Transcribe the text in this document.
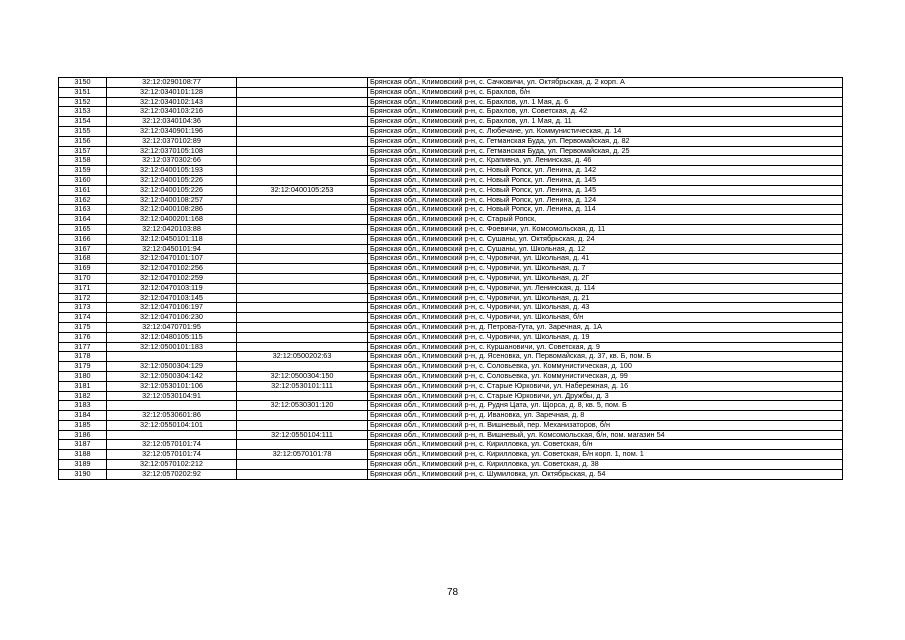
3150	32:12:0290108:77		Брянская обл., Климовский р-н, с. Сачковичи, ул. Октябрьская, д. 2 корп. А
3151	32:12:0340101:128		Брянская обл., Климовский р-н, с. Брахлов, б/н
3152	32:12:0340102:143		Брянская обл., Климовский р-н, с. Брахлов, ул. 1 Мая, д. 6
3153	32:12:0340103:216		Брянская обл., Климовский р-н, с. Брахлов, ул. Советская, д. 42
3154	32:12:0340104:36		Брянская обл., Климовский р-н, с. Брахлов, ул. 1 Мая, д. 11
3155	32:12:0340901:196		Брянская обл., Климовский р-н, с. Любечане, ул. Коммунистическая, д. 14
3156	32:12:0370102:89		Брянская обл., Климовский р-н, с. Гетманская Буда, ул. Первомайская, д. 82
3157	32:12:0370105:108		Брянская обл., Климовский р-н, с. Гетманская Буда, ул. Первомайская, д. 25
3158	32:12:0370302:66		Брянская обл., Климовский р-н, с. Крапивна, ул. Ленинская, д. 46
3159	32:12:0400105:193		Брянская обл., Климовский р-н, с. Новый Ропск, ул. Ленина, д. 142
3160	32:12:0400105:226		Брянская обл., Климовский р-н, с. Новый Ропск, ул. Ленина, д. 145
3161	32:12:0400105:226	32:12:0400105:253	Брянская обл., Климовский р-н, с. Новый Ропск, ул. Ленина, д. 145
3162	32:12:0400108:257		Брянская обл., Климовский р-н, с. Новый Ропск, ул. Ленина, д. 124
3163	32:12:0400108:286		Брянская обл., Климовский р-н, с. Новый Ропск, ул. Ленина, д. 114
3164	32:12:0400201:168		Брянская обл., Климовский р-н, с. Старый Ропск,
3165	32:12:0420103:88		Брянская обл., Климовский р-н, с. Фоевичи, ул. Комсомольская, д. 11
3166	32:12:0450101:118		Брянская обл., Климовский р-н, с. Сушаны, ул. Октябрьская, д. 24
3167	32:12:0450101:94		Брянская обл., Климовский р-н, с. Сушаны, ул. Школьная, д. 12
3168	32:12:0470101:107		Брянская обл., Климовский р-н, с. Чуровичи, ул. Школьная, д. 41
3169	32:12:0470102:256		Брянская обл., Климовский р-н, с. Чуровичи, ул. Школьная, д. 7
3170	32:12:0470102:259		Брянская обл., Климовский р-н, с. Чуровичи, ул. Школьная, д. 2Г
3171	32:12:0470103:119		Брянская обл., Климовский р-н, с. Чуровичи, ул. Ленинская, д. 114
3172	32:12:0470103:145		Брянская обл., Климовский р-н, с. Чуровичи, ул. Школьная, д. 21
3173	32:12:0470106:197		Брянская обл., Климовский р-н, с. Чуровичи, ул. Школьная, д. 43
3174	32:12:0470106:230		Брянская обл., Климовский р-н, с. Чуровичи, ул. Школьная, б/н
3175	32:12:0470701:95		Брянская обл., Климовский р-н, д. Петрова-Гута, ул. Заречная, д. 1А
3176	32:12:0480105:115		Брянская обл., Климовский р-н, с. Чуровичи, ул. Школьная, д. 19
3177	32:12:0500101:183		Брянская обл., Климовский р-н, с. Куршановичи, ул. Советская, д. 9
3178		32:12:0500202:63	Брянская обл., Климовский р-н, д. Ясеновка, ул. Первомайская, д. 37, кв. Б, пом. Б
3179	32:12:0500304:129		Брянская обл., Климовский р-н, с. Соловьевка, ул. Коммунистическая, д. 100
3180	32:12:0500304:142	32:12:0500304:150	Брянская обл., Климовский р-н, с. Соловьевка, ул. Коммунистическая, д. 99
3181	32:12:0530101:106	32:12:0530101:111	Брянская обл., Климовский р-н, с. Старые Юрковичи, ул. Набережная, д. 16
3182	32:12:0530104:91		Брянская обл., Климовский р-н, с. Старые Юрковичи, ул. Дружбы, д. 3
3183		32:12:0530301:120	Брянская обл., Климовский р-н, д. Рудня Цата, ул. Щорса, д. 8, кв. 5, пом. Б
3184	32:12:0530601:86		Брянская обл., Климовский р-н, д. Ивановка, ул. Заречная, д. 8
3185	32:12:0550104:101		Брянская обл., Климовский р-н, п. Вишневый, пер. Механизаторов, б/н
3186		32:12:0550104:111	Брянская обл., Климовский р-н, п. Вишневый, ул. Комсомольская, б/н, пом. магазин 54
3187	32:12:0570101:74		Брянская обл., Климовский р-н, с. Кирилловка, ул. Советская, б/н
3188	32:12:0570101:74	32:12:0570101:78	Брянская обл., Климовский р-н, с. Кирилловка, ул. Советская, Б/н корп. 1, пом. 1
3189	32:12:0570102:212		Брянская обл., Климовский р-н, с. Кирилловка, ул. Советская, д. 38
3190	32:12:0570202:92		Брянская обл., Климовский р-н, с. Шумиловка, ул. Октябрьская, д. 54
78
